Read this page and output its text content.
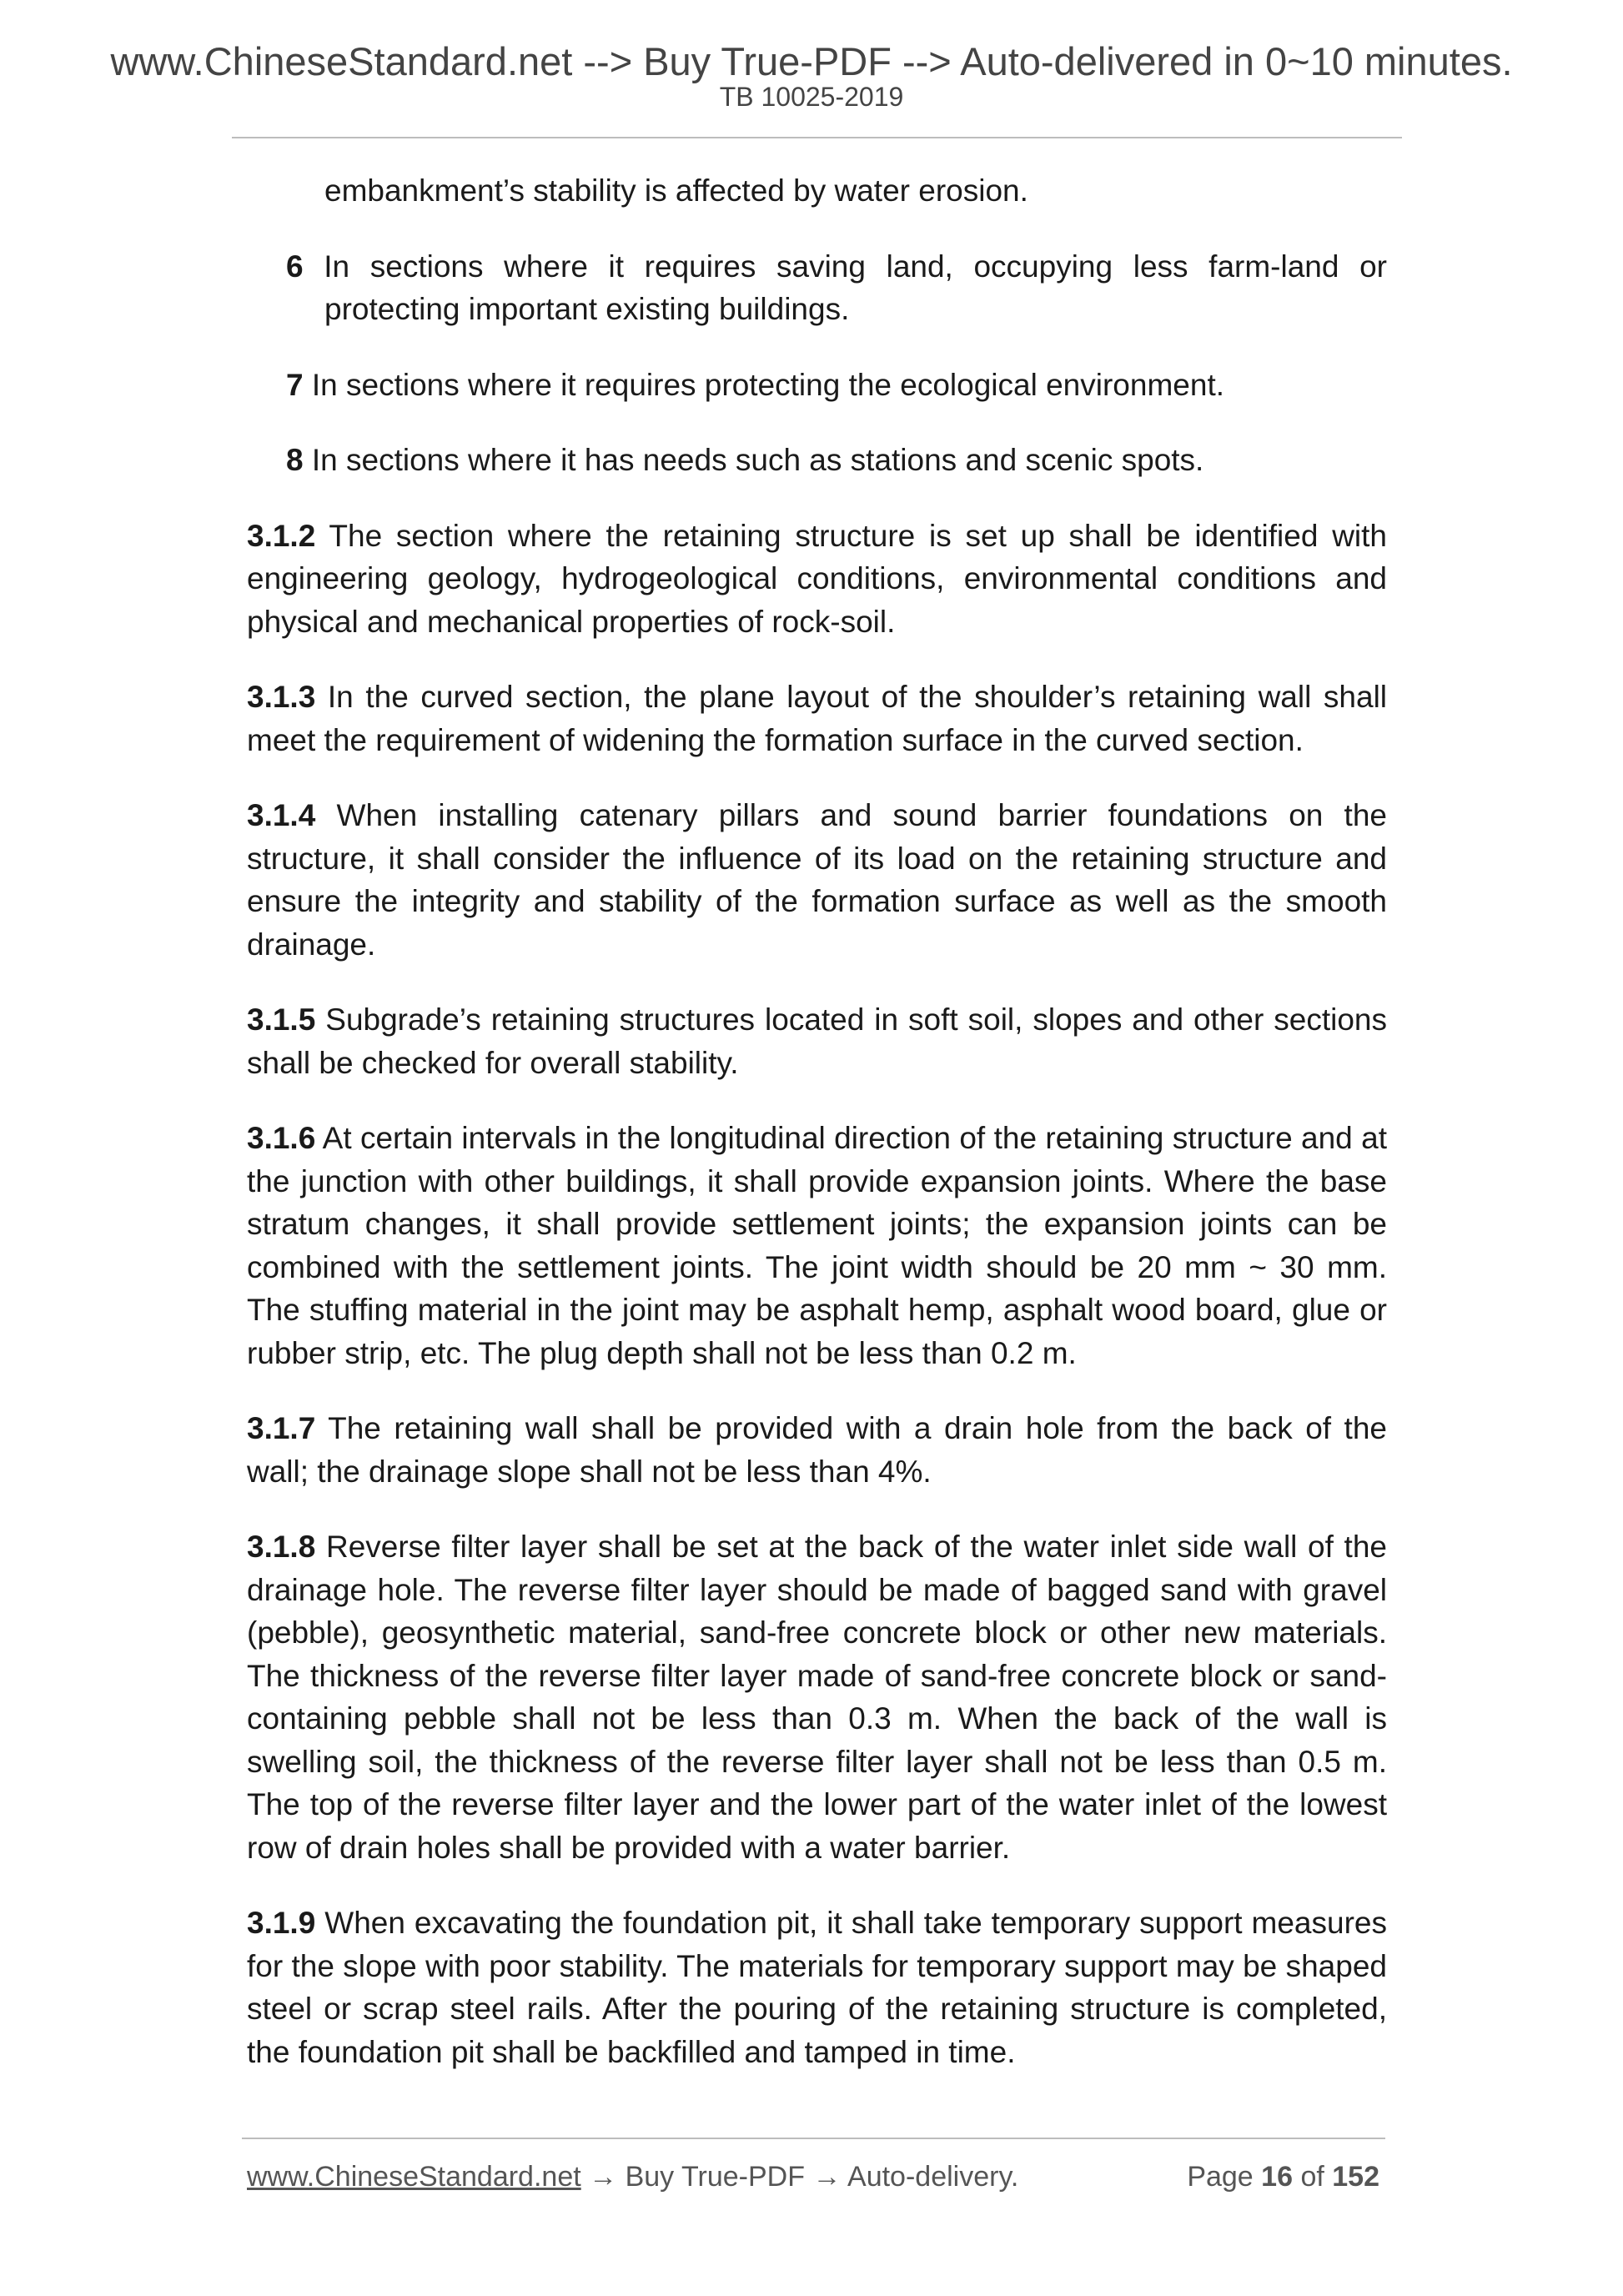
www.ChineseStandard.net --> Buy True-PDF --> Auto-delivered in 0~10 minutes.
TB 10025-2019

embankment’s stability is affected by water erosion.

6 In sections where it requires saving land, occupying less farm-land or protecting important existing buildings.

7 In sections where it requires protecting the ecological environment.

8 In sections where it has needs such as stations and scenic spots.

3.1.2 The section where the retaining structure is set up shall be identified with engineering geology, hydrogeological conditions, environmental conditions and physical and mechanical properties of rock-soil.

3.1.3 In the curved section, the plane layout of the shoulder’s retaining wall shall meet the requirement of widening the formation surface in the curved section.

3.1.4 When installing catenary pillars and sound barrier foundations on the structure, it shall consider the influence of its load on the retaining structure and ensure the integrity and stability of the formation surface as well as the smooth drainage.

3.1.5 Subgrade’s retaining structures located in soft soil, slopes and other sections shall be checked for overall stability.

3.1.6 At certain intervals in the longitudinal direction of the retaining structure and at the junction with other buildings, it shall provide expansion joints. Where the base stratum changes, it shall provide settlement joints; the expansion joints can be combined with the settlement joints. The joint width should be 20 mm ~ 30 mm. The stuffing material in the joint may be asphalt hemp, asphalt wood board, glue or rubber strip, etc. The plug depth shall not be less than 0.2 m.

3.1.7 The retaining wall shall be provided with a drain hole from the back of the wall; the drainage slope shall not be less than 4%.

3.1.8 Reverse filter layer shall be set at the back of the water inlet side wall of the drainage hole. The reverse filter layer should be made of bagged sand with gravel (pebble), geosynthetic material, sand-free concrete block or other new materials. The thickness of the reverse filter layer made of sand-free concrete block or sand-containing pebble shall not be less than 0.3 m. When the back of the wall is swelling soil, the thickness of the reverse filter layer shall not be less than 0.5 m. The top of the reverse filter layer and the lower part of the water inlet of the lowest row of drain holes shall be provided with a water barrier.

3.1.9 When excavating the foundation pit, it shall take temporary support measures for the slope with poor stability. The materials for temporary support may be shaped steel or scrap steel rails. After the pouring of the retaining structure is completed, the foundation pit shall be backfilled and tamped in time.

www.ChineseStandard.net → Buy True-PDF → Auto-delivery.	Page 16 of 152
